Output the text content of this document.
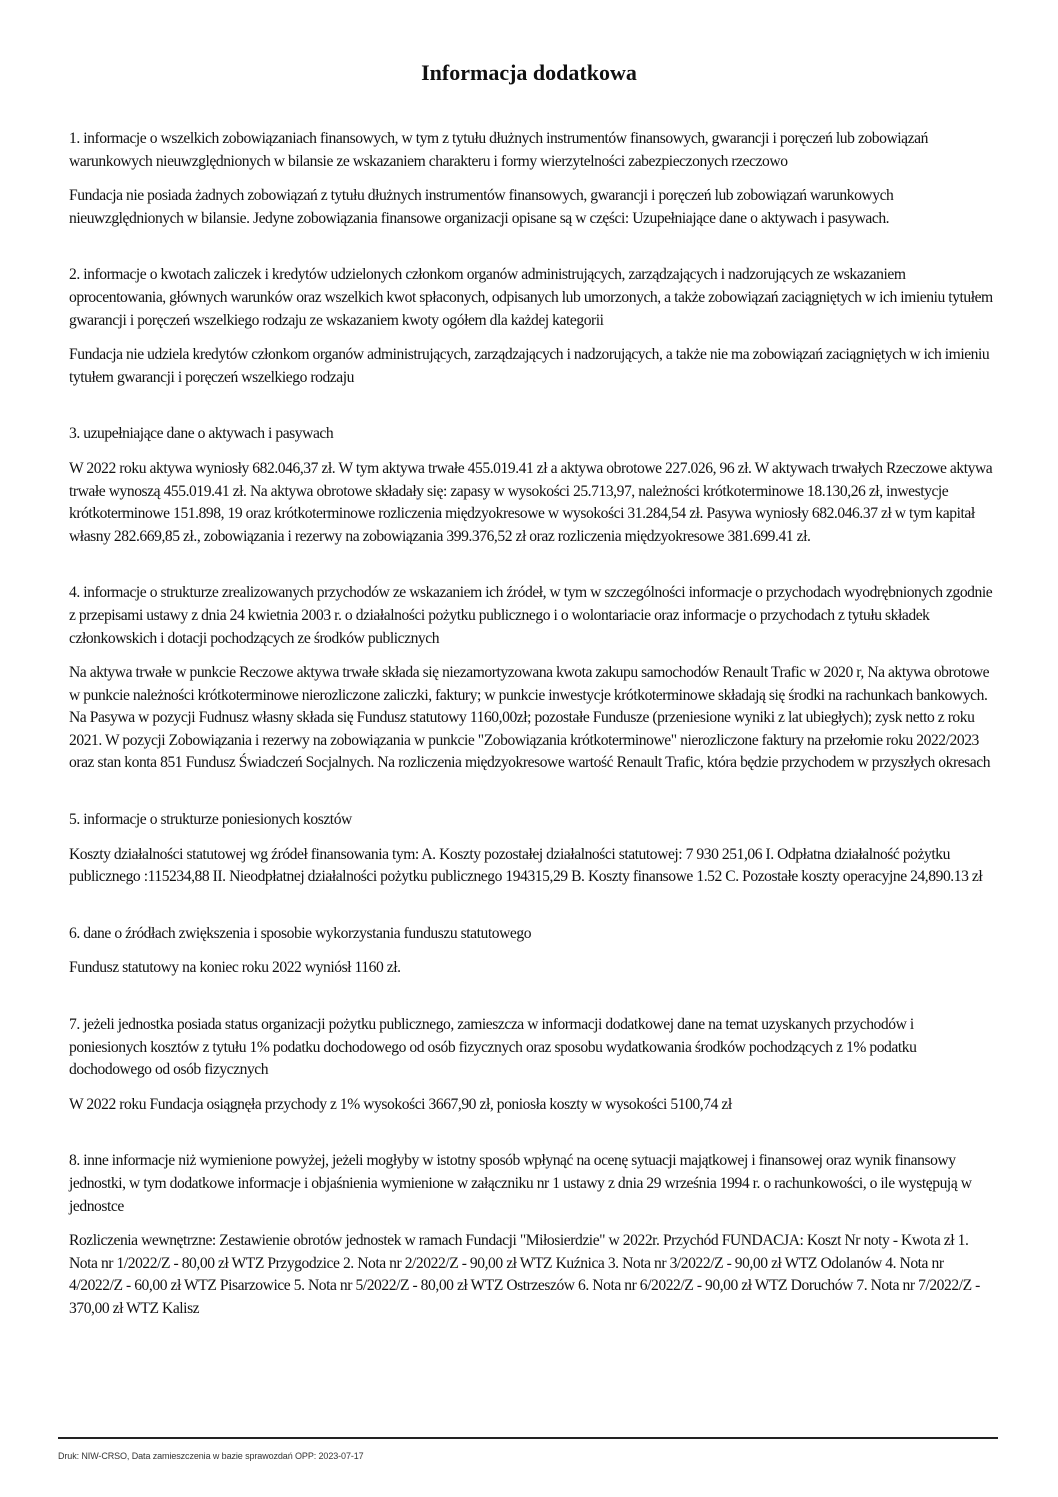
Informacja dodatkowa

1. informacje o wszelkich zobowiązaniach finansowych, w tym z tytułu dłużnych instrumentów finansowych, gwarancji i poręczeń lub zobowiązań warunkowych nieuwzględnionych w bilansie ze wskazaniem charakteru i formy wierzytelności zabezpieczonych rzeczowo

Fundacja nie posiada żadnych zobowiązań z tytułu dłużnych instrumentów finansowych, gwarancji i poręczeń lub zobowiązań warunkowych nieuwzględnionych w bilansie. Jedyne zobowiązania finansowe organizacji opisane są w części: Uzupełniające dane o aktywach i pasywach.

2. informacje o kwotach zaliczek i kredytów udzielonych członkom organów administrujących, zarządzających i nadzorujących ze wskazaniem oprocentowania, głównych warunków oraz wszelkich kwot spłaconych, odpisanych lub umorzonych, a także zobowiązań zaciągniętych w ich imieniu tytułem gwarancji i poręczeń wszelkiego rodzaju ze wskazaniem kwoty ogółem dla każdej kategorii

Fundacja nie udziela kredytów członkom organów administrujących, zarządzających i nadzorujących, a także nie ma zobowiązań zaciągniętych w ich imieniu tytułem gwarancji i poręczeń wszelkiego rodzaju

3. uzupełniające dane o aktywach i pasywach

W 2022 roku aktywa wyniosły 682.046,37 zł. W tym aktywa trwałe 455.019.41 zł a aktywa obrotowe 227.026, 96 zł. W aktywach trwałych Rzeczowe aktywa trwałe wynoszą 455.019.41 zł. Na aktywa obrotowe składały się: zapasy w wysokości 25.713,97, należności krótkoterminowe 18.130,26 zł, inwestycje krótkoterminowe 151.898, 19 oraz krótkoterminowe rozliczenia międzyokresowe w wysokości 31.284,54 zł. Pasywa wyniosły 682.046.37 zł w tym kapitał własny 282.669,85 zł., zobowiązania i rezerwy na zobowiązania 399.376,52 zł oraz rozliczenia międzyokresowe 381.699.41 zł.

4. informacje o strukturze zrealizowanych przychodów ze wskazaniem ich źródeł, w tym w szczególności informacje o przychodach wyodrębnionych zgodnie z przepisami ustawy z dnia 24 kwietnia 2003 r. o działalności pożytku publicznego i o wolontariacie oraz informacje o przychodach z tytułu składek członkowskich i dotacji pochodzących ze środków publicznych

Na aktywa trwałe w punkcie Reczowe aktywa trwałe składa się niezamortyzowana kwota zakupu samochodów Renault Trafic w 2020 r, Na aktywa obrotowe w punkcie należności krótkoterminowe nierozliczone zaliczki, faktury; w punkcie inwestycje krótkoterminowe składają się środki na rachunkach bankowych. Na Pasywa w pozycji Fudnusz własny składa się Fundusz statutowy 1160,00zł; pozostałe Fundusze (przeniesione wyniki z lat ubiegłych); zysk netto z roku 2021. W pozycji Zobowiązania i rezerwy na zobowiązania w punkcie "Zobowiązania krótkoterminowe" nierozliczone faktury na przełomie roku 2022/2023 oraz stan konta 851 Fundusz Świadczeń Socjalnych. Na rozliczenia międzyokresowe wartość Renault Trafic, która będzie przychodem w przyszłych okresach

5. informacje o strukturze poniesionych kosztów

Koszty działalności statutowej wg źródeł finansowania tym: A. Koszty pozostałej działalności statutowej: 7 930 251,06 I. Odpłatna działalność pożytku publicznego :115234,88 II. Nieodpłatnej działalności pożytku publicznego 194315,29 B. Koszty finansowe 1.52 C. Pozostałe koszty operacyjne 24,890.13 zł

6. dane o źródłach zwiększenia i sposobie wykorzystania funduszu statutowego

Fundusz statutowy na koniec roku 2022 wyniósł 1160 zł.

7. jeżeli jednostka posiada status organizacji pożytku publicznego, zamieszcza w informacji dodatkowej dane na temat uzyskanych przychodów i poniesionych kosztów z tytułu 1% podatku dochodowego od osób fizycznych oraz sposobu wydatkowania środków pochodzących z 1% podatku dochodowego od osób fizycznych

W 2022 roku Fundacja osiągnęła przychody z 1% wysokości 3667,90 zł, poniosła koszty w wysokości 5100,74 zł

8. inne informacje niż wymienione powyżej, jeżeli mogłyby w istotny sposób wpłynąć na ocenę sytuacji majątkowej i finansowej oraz wynik finansowy jednostki, w tym dodatkowe informacje i objaśnienia wymienione w załączniku nr 1 ustawy z dnia 29 września 1994 r. o rachunkowości, o ile występują w jednostce

Rozliczenia wewnętrzne: Zestawienie obrotów jednostek w ramach Fundacji "Miłosierdzie" w 2022r. Przychód FUNDACJA: Koszt Nr noty - Kwota zł 1. Nota nr 1/2022/Z - 80,00 zł WTZ Przygodzice 2. Nota nr 2/2022/Z - 90,00 zł WTZ Kuźnica 3. Nota nr 3/2022/Z - 90,00 zł WTZ Odolanów 4. Nota nr 4/2022/Z - 60,00 zł WTZ Pisarzowice 5. Nota nr 5/2022/Z - 80,00 zł WTZ Ostrzeszów 6. Nota nr 6/2022/Z - 90,00 zł WTZ Doruchów 7. Nota nr 7/2022/Z - 370,00 zł WTZ Kalisz

Druk: NIW-CRSO, Data zamieszczenia w bazie sprawozdań OPP: 2023-07-17
